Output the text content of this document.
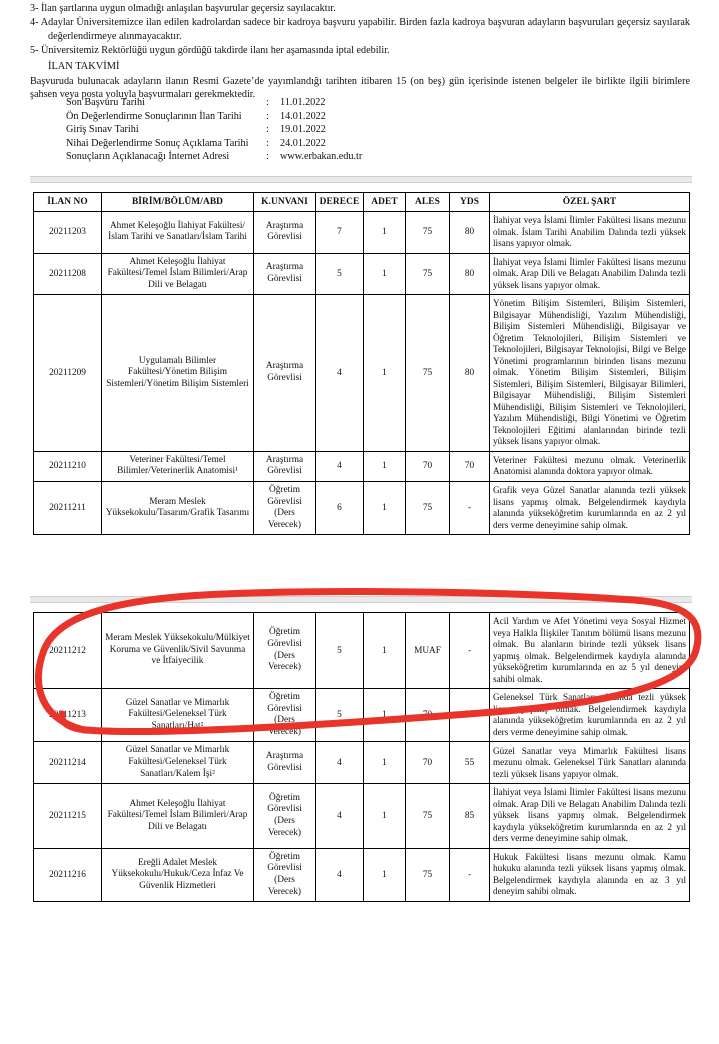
3- İlan şartlarına uygun olmadığı anlaşılan başvurular geçersiz sayılacaktır.

4- Adaylar Üniversitemizce ilan edilen kadrolardan sadece bir kadroya başvuru yapabilir. Birden fazla kadroya başvuran adayların başvuruları geçersiz sayılarak değerlendirmeye alınmayacaktır.

5- Üniversitemiz Rektörlüğü uygun gördüğü takdirde ilanı her aşamasında iptal edebilir.

İLAN TAKVİMİ

Başvuruda bulunacak adayların ilanın Resmi Gazete’de yayımlandığı tarihten itibaren 15 (on beş) gün içerisinde istenen belgeler ile birlikte ilgili birimlere şahsen veya posta yoluyla başvurmaları gerekmektedir.

Son Başvuru Tarihi	:	11.01.2022
Ön Değerlendirme Sonuçlarının İlan Tarihi	:	14.01.2022
Giriş Sınav Tarihi	:	19.01.2022
Nihai Değerlendirme Sonuç Açıklama Tarihi	:	24.01.2022
Sonuçların Açıklanacağı İnternet Adresi	:	www.erbakan.edu.tr
İLAN NO	BİRİM/BÖLÜM/ABD	K.UNVANI	DERECE	ADET	ALES	YDS	ÖZEL ŞART
20211203	Ahmet Keleşoğlu İlahiyat Fakültesi/İslam Tarihi ve Sanatları/İslam Tarihi	Araştırma Görevlisi	7	1	75	80	İlahiyat veya İslami İlimler Fakültesi lisans mezunu olmak. İslam Tarihi Anabilim Dalında tezli yüksek lisans yapıyor olmak.
20211208	Ahmet Keleşoğlu İlahiyat Fakültesi/Temel İslam Bilimleri/Arap Dili ve Belagatı	Araştırma Görevlisi	5	1	75	80	İlahiyat veya İslami İlimler Fakültesi lisans mezunu olmak. Arap Dili ve Belagatı Anabilim Dalında tezli yüksek lisans yapıyor olmak.
20211209	Uygulamalı Bilimler Fakültesi/Yönetim Bilişim Sistemleri/Yönetim Bilişim Sistemleri	Araştırma Görevlisi	4	1	75	80	Yönetim Bilişim Sistemleri, Bilişim Sistemleri, Bilgisayar Mühendisliği, Yazılım Mühendisliği, Bilişim Sistemleri Mühendisliği, Bilgisayar ve Öğretim Teknolojileri, Bilişim Sistemleri ve Teknolojileri, Bilgisayar Teknolojisi, Bilgi ve Belge Yönetimi programlarının birinden lisans mezunu olmak. Yönetim Bilişim Sistemleri, Bilişim Sistemleri, Bilişim Sistemleri, Bilgisayar Bilimleri, Bilgisayar Mühendisliği, Bilişim Sistemleri Mühendisliği, Bilişim Sistemleri ve Teknolojileri, Yazılım Mühendisliği, Bilgi Yönetimi ve Öğretim Teknolojileri Eğitimi alanlarından birinde tezli yüksek lisans yapıyor olmak.
20211210	Veteriner Fakültesi/Temel Bilimler/Veterinerlik Anatomisi¹	Araştırma Görevlisi	4	1	70	70	Veteriner Fakültesi mezunu olmak. Veterinerlik Anatomisi alanında doktora yapıyor olmak.
20211211	Meram Meslek Yüksekokulu/Tasarım/Grafik Tasarımı	Öğretim Görevlisi (Ders Verecek)	6	1	75	-	Grafik veya Güzel Sanatlar alanında tezli yüksek lisans yapmış olmak. Belgelendirmek kaydıyla alanında yükseköğretim kurumlarında en az 2 yıl ders verme deneyimine sahip olmak.
20211212	Meram Meslek Yüksekokulu/Mülkiyet Koruma ve Güvenlik/Sivil Savunma ve İtfaiyecilik	Öğretim Görevlisi (Ders Verecek)	5	1	MUAF	-	Acil Yardım ve Afet Yönetimi veya Sosyal Hizmet veya Halkla İlişkiler Tanıtım bölümü lisans mezunu olmak. Bu alanların birinde tezli yüksek lisans yapmış olmak. Belgelendirmek kaydıyla alanında yükseköğretim kurumlarında en az 5 yıl deneyim sahibi olmak.
20211213	Güzel Sanatlar ve Mimarlık Fakültesi/Geleneksel Türk Sanatları/Hat²	Öğretim Görevlisi (Ders Verecek)	5	1	70	55	Geleneksel Türk Sanatları alanında tezli yüksek lisans yapmış olmak. Belgelendirmek kaydıyla alanında yükseköğretim kurumlarında en az 2 yıl ders verme deneyimine sahip olmak.
20211214	Güzel Sanatlar ve Mimarlık Fakültesi/Geleneksel Türk Sanatları/Kalem İşi²	Araştırma Görevlisi	4	1	70	55	Güzel Sanatlar veya Mimarlık Fakültesi lisans mezunu olmak. Geleneksel Türk Sanatları alanında tezli yüksek lisans yapıyor olmak.
20211215	Ahmet Keleşoğlu İlahiyat Fakültesi/Temel İslam Bilimleri/Arap Dili ve Belagatı	Öğretim Görevlisi (Ders Verecek)	4	1	75	85	İlahiyat veya İslami İlimler Fakültesi lisans mezunu olmak. Arap Dili ve Belagatı Anabilim Dalında tezli yüksek lisans yapmış olmak. Belgelendirmek kaydıyla yükseköğretim kurumlarında en az 2 yıl ders verme deneyimine sahip olmak.
20211216	Ereğli Adalet Meslek Yüksekokulu/Hukuk/Ceza İnfaz Ve Güvenlik Hizmetleri	Öğretim Görevlisi (Ders Verecek)	4	1	75	-	Hukuk Fakültesi lisans mezunu olmak. Kamu hukuku alanında tezli yüksek lisans yapmış olmak. Belgelendirmek kaydıyla alanında en az 3 yıl deneyim sahibi olmak.
